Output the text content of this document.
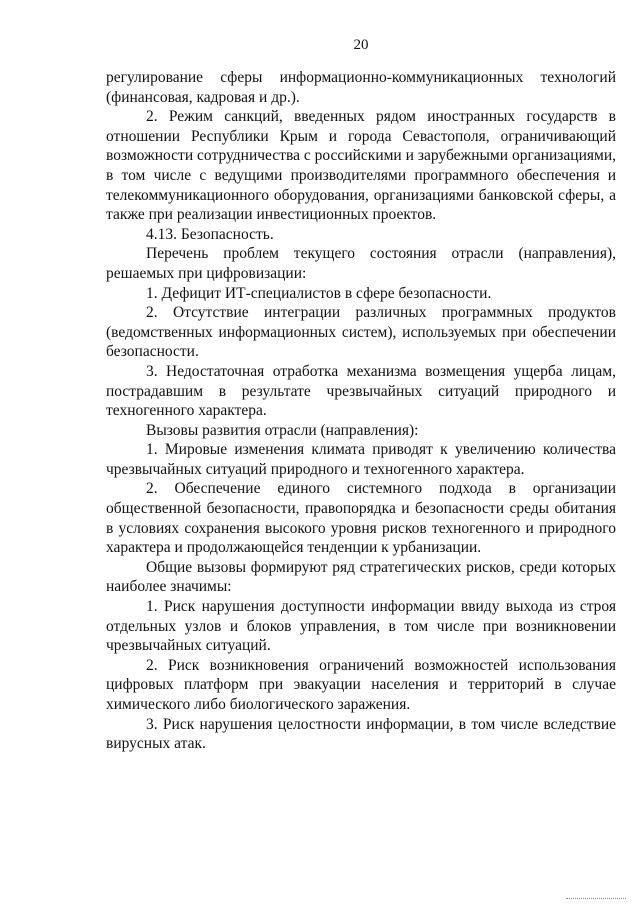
20

регулирование сферы информационно-коммуникационных технологий (финансовая, кадровая и др.).

2. Режим санкций, введенных рядом иностранных государств в отношении Республики Крым и города Севастополя, ограничивающий возможности сотрудничества с российскими и зарубежными организациями, в том числе с ведущими производителями программного обеспечения и телекоммуникационного оборудования, организациями банковской сферы, а также при реализации инвестиционных проектов.

4.13. Безопасность.

Перечень проблем текущего состояния отрасли (направления), решаемых при цифровизации:

1. Дефицит ИТ-специалистов в сфере безопасности.

2. Отсутствие интеграции различных программных продуктов (ведомственных информационных систем), используемых при обеспечении безопасности.

3. Недостаточная отработка механизма возмещения ущерба лицам, пострадавшим в результате чрезвычайных ситуаций природного и техногенного характера.

Вызовы развития отрасли (направления):

1. Мировые изменения климата приводят к увеличению количества чрезвычайных ситуаций природного и техногенного характера.

2. Обеспечение единого системного подхода в организации общественной безопасности, правопорядка и безопасности среды обитания в условиях сохранения высокого уровня рисков техногенного и природного характера и продолжающейся тенденции к урбанизации.

Общие вызовы формируют ряд стратегических рисков, среди которых наиболее значимы:

1. Риск нарушения доступности информации ввиду выхода из строя отдельных узлов и блоков управления, в том числе при возникновении чрезвычайных ситуаций.

2. Риск возникновения ограничений возможностей использования цифровых платформ при эвакуации населения и территорий в случае химического либо биологического заражения.

3. Риск нарушения целостности информации, в том числе вследствие вирусных атак.
